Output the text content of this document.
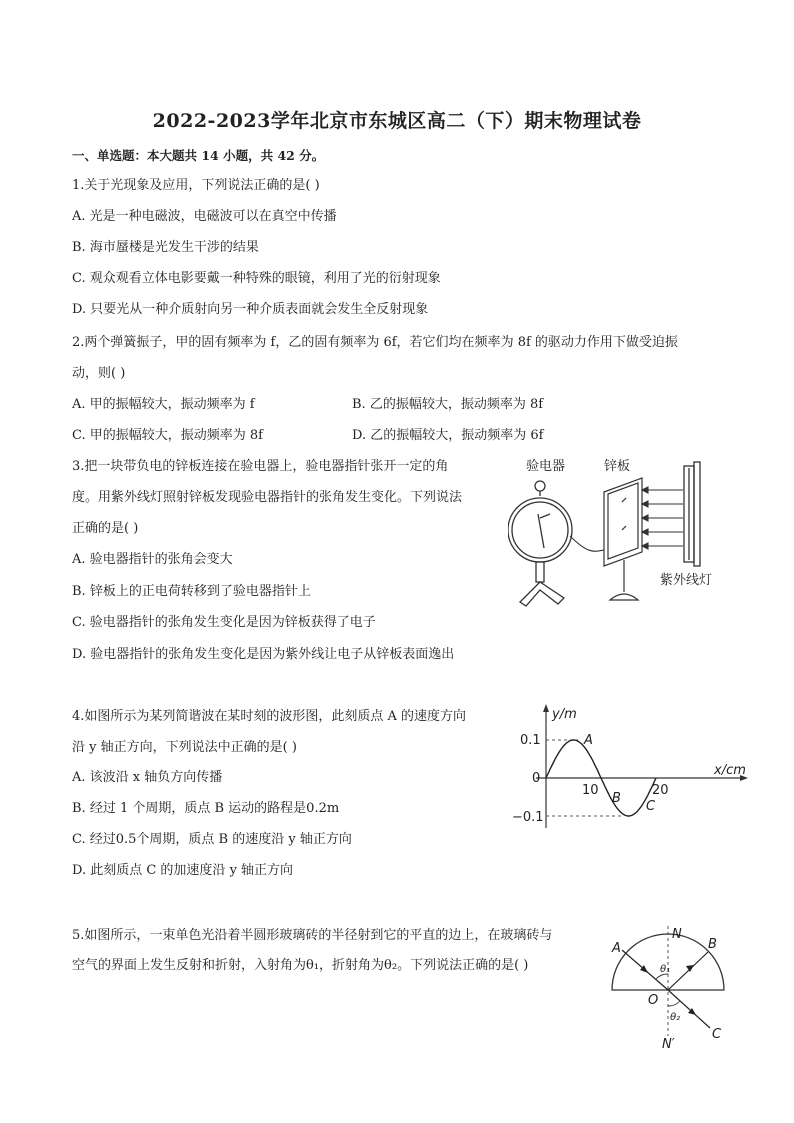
2022-2023学年北京市东城区高二（下）期末物理试卷
一、单选题：本大题共 14 小题，共 42 分。
1.关于光现象及应用，下列说法正确的是( )
A. 光是一种电磁波，电磁波可以在真空中传播
B. 海市蜃楼是光发生干涉的结果
C. 观众观看立体电影要戴一种特殊的眼镜，利用了光的衍射现象
D. 只要光从一种介质射向另一种介质表面就会发生全反射现象
2.两个弹簧振子，甲的固有频率为 f，乙的固有频率为 6f，若它们均在频率为 8f 的驱动力作用下做受迫振
动，则( )
A. 甲的振幅较大，振动频率为 f	B. 乙的振幅较大，振动频率为 8f
C. 甲的振幅较大，振动频率为 8f	D. 乙的振幅较大，振动频率为 6f
3.把一块带负电的锌板连接在验电器上，验电器指针张开一定的角
度。用紫外线灯照射锌板发现验电器指针的张角发生变化。下列说法
正确的是( )
A. 验电器指针的张角会变大
B. 锌板上的正电荷转移到了验电器指针上
C. 验电器指针的张角发生变化是因为锌板获得了电子
D. 验电器指针的张角发生变化是因为紫外线让电子从锌板表面逸出
验电器	锌板
紫外线灯
4.如图所示为某列简谐波在某时刻的波形图，此刻质点 A 的速度方向
沿 y 轴正方向，下列说法中正确的是( )
A. 该波沿 x 轴负方向传播
B. 经过 1 个周期，质点 B 运动的路程是0.2m
C. 经过0.5个周期，质点 B 的速度沿 y 轴正方向
D. 此刻质点 C 的加速度沿 y 轴正方向
y/m
x/cm
0.1
0
−0.1
10	20
A
B
C
5.如图所示，一束单色光沿着半圆形玻璃砖的半径射到它的平直的边上，在玻璃砖与
空气的界面上发生反射和折射，入射角为θ₁，折射角为θ₂。下列说法正确的是( )
N
N′
A	B
O
C
θ₁
θ₂
